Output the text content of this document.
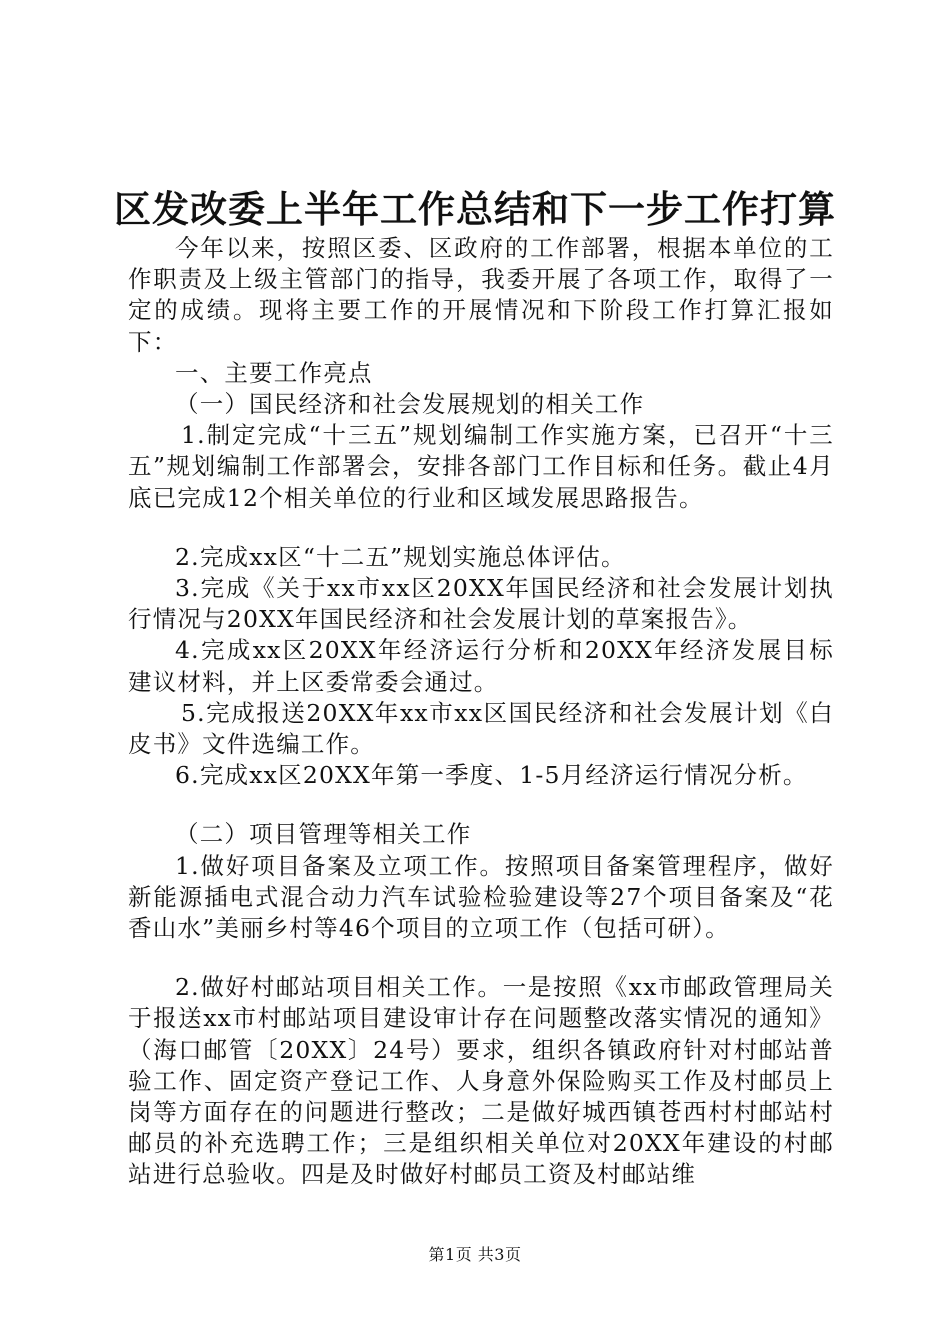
区发改委上半年工作总结和下一步工作打算

今年以来，按照区委、区政府的工作部署，根据本单位的工作职责及上级主管部门的指导，我委开展了各项工作，取得了一定的成绩。现将主要工作的开展情况和下阶段工作打算汇报如下：

一、主要工作亮点

（一）国民经济和社会发展规划的相关工作

1.制定完成“十三五”规划编制工作实施方案，已召开“十三五”规划编制工作部署会，安排各部门工作目标和任务。截止4月底已完成12个相关单位的行业和区域发展思路报告。

2.完成xx区“十二五”规划实施总体评估。

3.完成《关于xx市xx区20XX年国民经济和社会发展计划执行情况与20XX年国民经济和社会发展计划的草案报告》。

4.完成xx区20XX年经济运行分析和20XX年经济发展目标建议材料，并上区委常委会通过。

5.完成报送20XX年xx市xx区国民经济和社会发展计划《白皮书》文件选编工作。

6.完成xx区20XX年第一季度、1-5月经济运行情况分析。

（二）项目管理等相关工作

1.做好项目备案及立项工作。按照项目备案管理程序，做好新能源插电式混合动力汽车试验检验建设等27个项目备案及“花香山水”美丽乡村等46个项目的立项工作（包括可研）。

2.做好村邮站项目相关工作。一是按照《xx市邮政管理局关于报送xx市村邮站项目建设审计存在问题整改落实情况的通知》（海口邮管〔20XX〕24号）要求，组织各镇政府针对村邮站普验工作、固定资产登记工作、人身意外保险购买工作及村邮员上岗等方面存在的问题进行整改；二是做好城西镇苍西村村邮站村邮员的补充选聘工作；三是组织相关单位对20XX年建设的村邮站进行总验收。四是及时做好村邮员工资及村邮站维

第1页 共3页
